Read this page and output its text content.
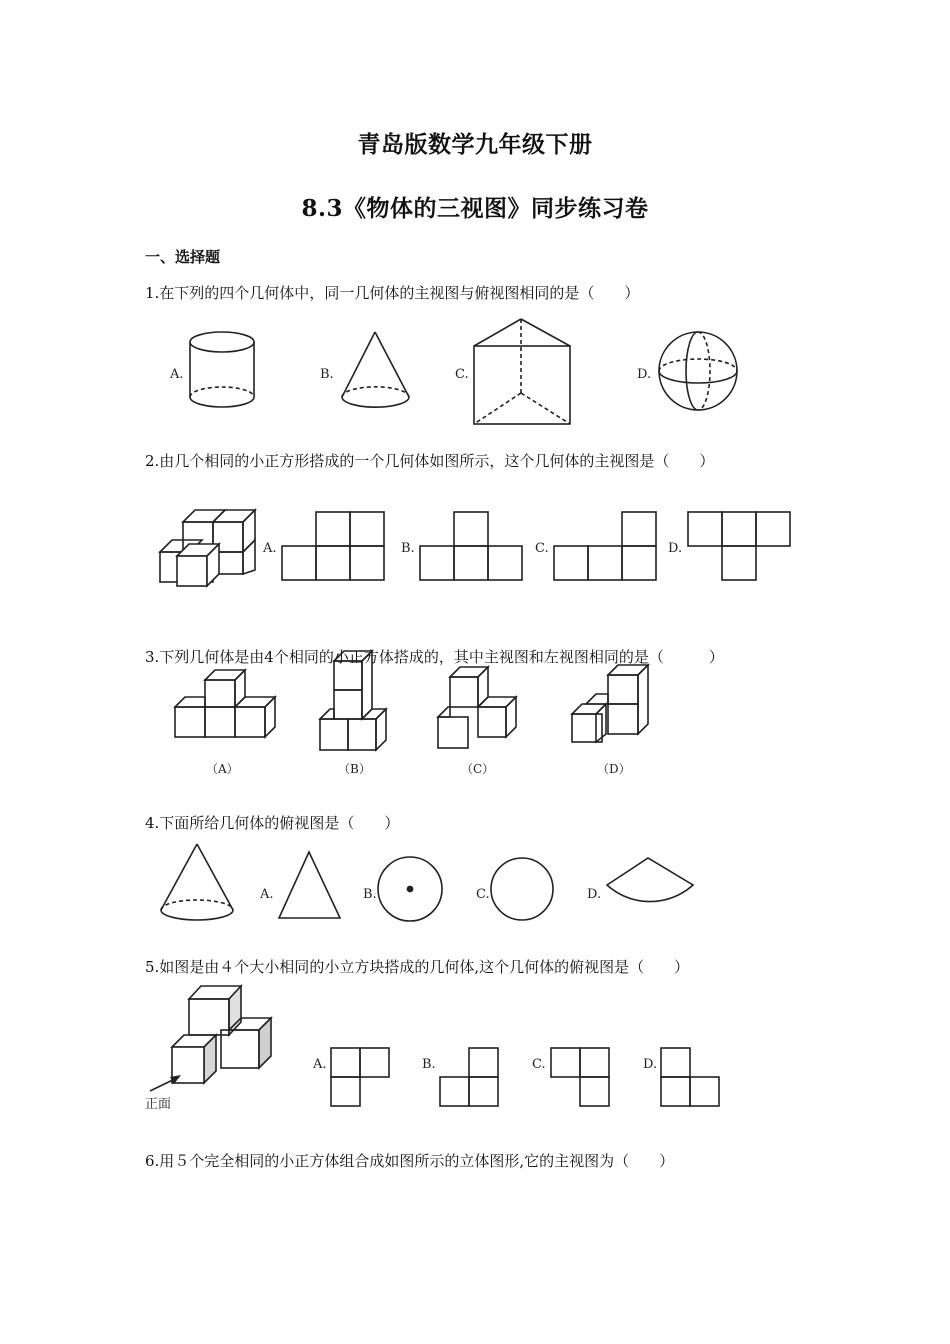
青岛版数学九年级下册
8.3《物体的三视图》同步练习卷
一、选择题
1.在下列的四个几何体中，同一几何体的主视图与俯视图相同的是（　　）
2.由几个相同的小正方形搭成的一个几何体如图所示，这个几何体的主视图是（　　）
3.下列几何体是由4个相同的小正方体搭成的，其中主视图和左视图相同的是（　　　）
4.下面所给几何体的俯视图是（　　）
5.如图是由４个大小相同的小立方块搭成的几何体,这个几何体的俯视图是（　　）
6.用５个完全相同的小正方体组合成如图所示的立体图形,它的主视图为（　　）
A.	B.	C.	D.
A.	B.	C.	D.
（A）	（B）	（C）	（D）
A.	B.	C.	D.
正面
A.	B.	C.	D.
